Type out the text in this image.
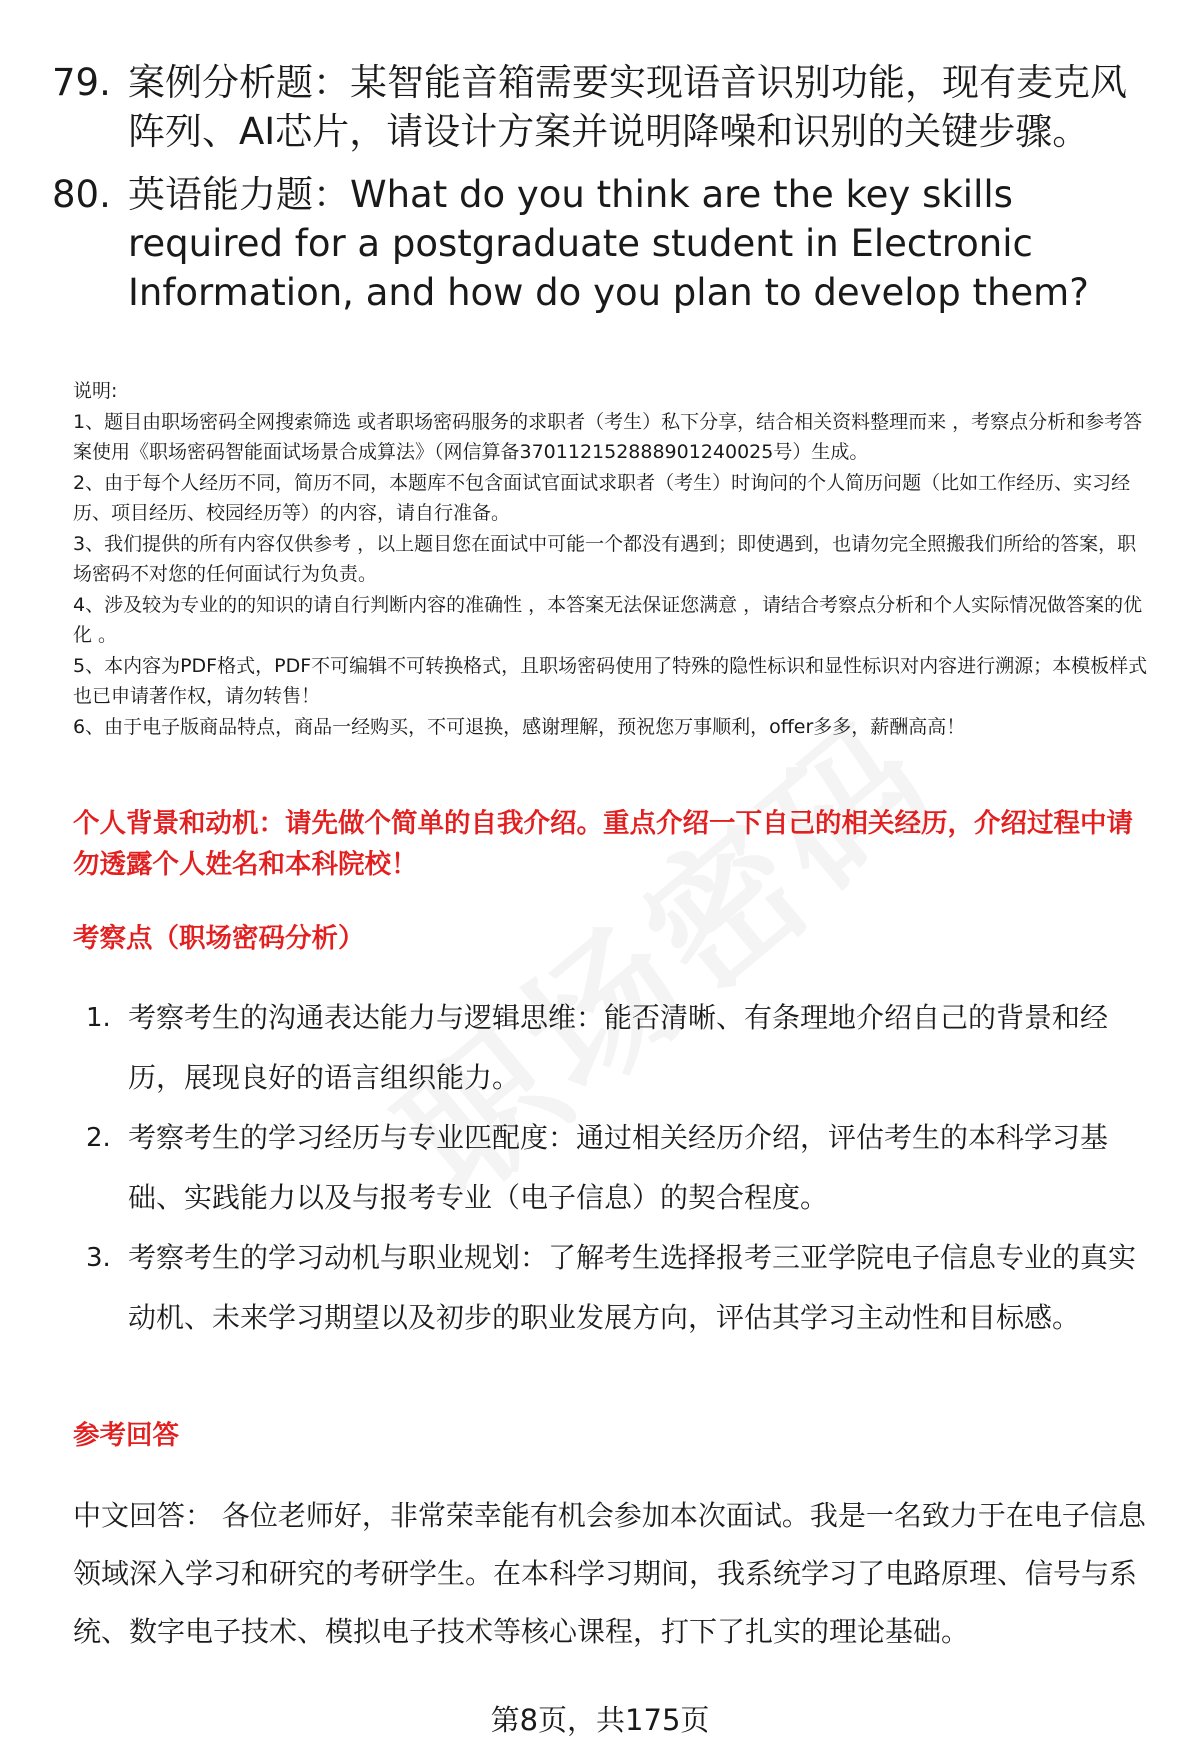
79. 案例分析题：某智能音箱需要实现语音识别功能，现有麦克风阵列、AI芯片，请设计方案并说明降噪和识别的关键步骤。
80. 英语能力题：What do you think are the key skills required for a postgraduate student in Electronic Information, and how do you plan to develop them?

说明:

1、题目由职场密码全网搜索筛选 或者职场密码服务的求职者（考生）私下分享，结合相关资料整理而来 ，考察点分析和参考答案使用《职场密码智能面试场景合成算法》（网信算备370112152888901240025号）生成。

2、由于每个人经历不同，简历不同，本题库不包含面试官面试求职者（考生）时询问的个人简历问题（比如工作经历、实习经历、项目经历、校园经历等）的内容，请自行准备。

3、我们提供的所有内容仅供参考 ，以上题目您在面试中可能一个都没有遇到；即使遇到，也请勿完全照搬我们所给的答案，职场密码不对您的任何面试行为负责。

4、涉及较为专业的的知识的请自行判断内容的准确性 ，本答案无法保证您满意 ，请结合考察点分析和个人实际情况做答案的优化 。

5、本内容为PDF格式，PDF不可编辑不可转换格式，且职场密码使用了特殊的隐性标识和显性标识对内容进行溯源；本模板样式也已申请著作权，请勿转售！

6、由于电子版商品特点，商品一经购买，不可退换，感谢理解，预祝您万事顺利，offer多多，薪酬高高！

个人背景和动机：请先做个简单的自我介绍。重点介绍一下自己的相关经历，介绍过程中请勿透露个人姓名和本科院校！
考察点（职场密码分析）
1. 考察考生的沟通表达能力与逻辑思维：能否清晰、有条理地介绍自己的背景和经历，展现良好的语言组织能力。
2. 考察考生的学习经历与专业匹配度：通过相关经历介绍，评估考生的本科学习基础、实践能力以及与报考专业（电子信息）的契合程度。
3. 考察考生的学习动机与职业规划：了解考生选择报考三亚学院电子信息专业的真实动机、未来学习期望以及初步的职业发展方向，评估其学习主动性和目标感。
参考回答
中文回答： 各位老师好，非常荣幸能有机会参加本次面试。我是一名致力于在电子信息领域深入学习和研究的考研学生。在本科学习期间，我系统学习了电路原理、信号与系统、数字电子技术、模拟电子技术等核心课程，打下了扎实的理论基础。
第8页，共175页
